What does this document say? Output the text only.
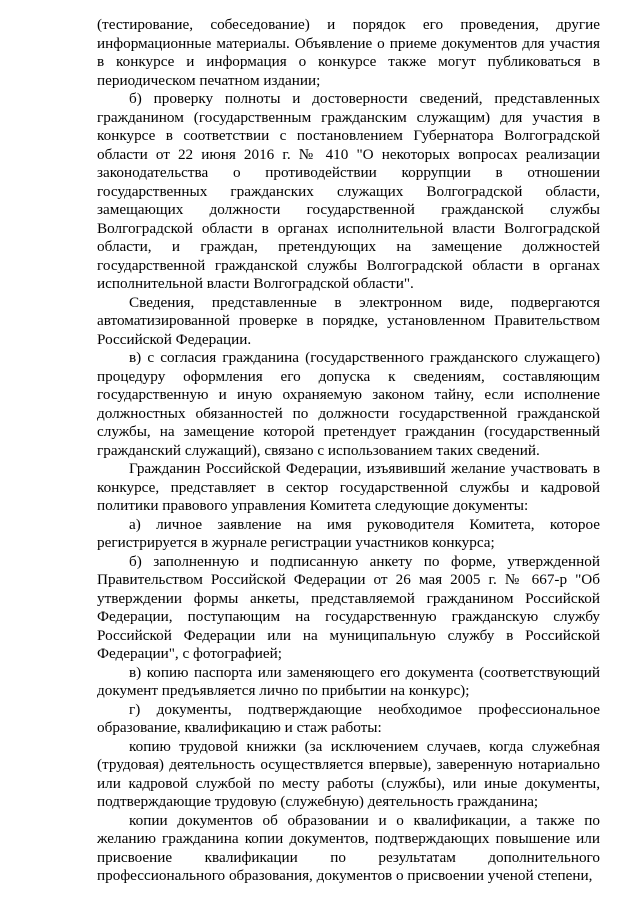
(тестирование, собеседование) и порядок его проведения, другие информационные материалы. Объявление о приеме документов для участия в конкурсе и информация о конкурсе также могут публиковаться в периодическом печатном издании;

б) проверку полноты и достоверности сведений, представленных гражданином (государственным гражданским служащим) для участия в конкурсе в соответствии с постановлением Губернатора Волгоградской области от 22 июня 2016 г. № 410 "О некоторых вопросах реализации законодательства о противодействии коррупции в отношении государственных гражданских служащих Волгоградской области, замещающих должности государственной гражданской службы Волгоградской области в органах исполнительной власти Волгоградской области, и граждан, претендующих на замещение должностей государственной гражданской службы Волгоградской области в органах исполнительной власти Волгоградской области".

Сведения, представленные в электронном виде, подвергаются автоматизированной проверке в порядке, установленном Правительством Российской Федерации.

в) с согласия гражданина (государственного гражданского служащего) процедуру оформления его допуска к сведениям, составляющим государственную и иную охраняемую законом тайну, если исполнение должностных обязанностей по должности государственной гражданской службы, на замещение которой претендует гражданин (государственный гражданский служащий), связано с использованием таких сведений.

Гражданин Российской Федерации, изъявивший желание участвовать в конкурсе, представляет в сектор государственной службы и кадровой политики правового управления Комитета следующие документы:

а) личное заявление на имя руководителя Комитета, которое регистрируется в журнале регистрации участников конкурса;

б) заполненную и подписанную анкету по форме, утвержденной Правительством Российской Федерации от 26 мая 2005 г. № 667-р "Об утверждении формы анкеты, представляемой гражданином Российской Федерации, поступающим на государственную гражданскую службу Российской Федерации или на муниципальную службу в Российской Федерации", с фотографией;

в) копию паспорта или заменяющего его документа (соответствующий документ предъявляется лично по прибытии на конкурс);

г) документы, подтверждающие необходимое профессиональное образование, квалификацию и стаж работы:

копию трудовой книжки (за исключением случаев, когда служебная (трудовая) деятельность осуществляется впервые), заверенную нотариально или кадровой службой по месту работы (службы), или иные документы, подтверждающие трудовую (служебную) деятельность гражданина;

копии документов об образовании и о квалификации, а также по желанию гражданина копии документов, подтверждающих повышение или присвоение квалификации по результатам дополнительного профессионального образования, документов о присвоении ученой степени,
